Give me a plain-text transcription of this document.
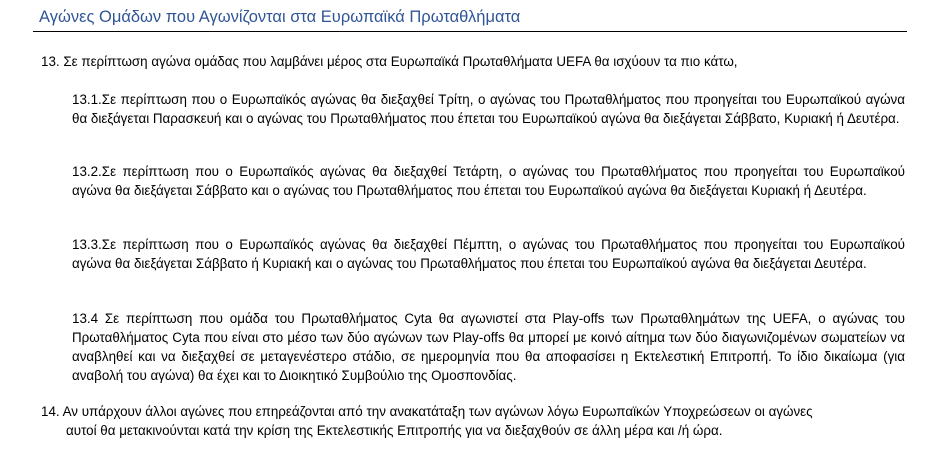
Αγώνες Ομάδων που Αγωνίζονται στα Ευρωπαϊκά Πρωταθλήματα
13. Σε περίπτωση αγώνα ομάδας που λαμβάνει μέρος στα Ευρωπαϊκά Πρωταθλήματα UEFA θα ισχύουν τα πιο κάτω,
13.1.Σε περίπτωση που ο Ευρωπαϊκός αγώνας θα διεξαχθεί Τρίτη, ο αγώνας του Πρωταθλήματος που προηγείται του Ευρωπαϊκού αγώνα θα διεξάγεται Παρασκευή και ο αγώνας του Πρωταθλήματος που έπεται του Ευρωπαϊκού αγώνα θα διεξάγεται Σάββατο, Κυριακή ή Δευτέρα.
13.2.Σε περίπτωση που ο Ευρωπαϊκός αγώνας θα διεξαχθεί Τετάρτη, ο αγώνας του Πρωταθλήματος που προηγείται του Ευρωπαϊκού αγώνα θα διεξάγεται Σάββατο και ο αγώνας του Πρωταθλήματος που έπεται του Ευρωπαϊκού αγώνα θα διεξάγεται Κυριακή ή Δευτέρα.
13.3.Σε περίπτωση που ο Ευρωπαϊκός αγώνας θα διεξαχθεί Πέμπτη, ο αγώνας του Πρωταθλήματος που προηγείται του Ευρωπαϊκού αγώνα θα διεξάγεται Σάββατο ή Κυριακή και ο αγώνας του Πρωταθλήματος που έπεται του Ευρωπαϊκού αγώνα θα διεξάγεται Δευτέρα.
13.4 Σε περίπτωση που ομάδα του Πρωταθλήματος Cyta θα αγωνιστεί στα Play-offs των Πρωταθλημάτων της UEFA, ο αγώνας του Πρωταθλήματος Cyta που είναι στο μέσο των δύο αγώνων των Play-offs θα μπορεί με κοινό αίτημα των δύο διαγωνιζομένων σωματείων να αναβληθεί και να διεξαχθεί σε μεταγενέστερο στάδιο, σε ημερομηνία που θα αποφασίσει η Εκτελεστική Επιτροπή. Το ίδιο δικαίωμα (για αναβολή του αγώνα) θα έχει και το Διοικητικό Συμβούλιο της Ομοσπονδίας.
14. Αν υπάρχουν άλλοι αγώνες που επηρεάζονται από την ανακατάταξη των αγώνων λόγω Ευρωπαϊκών Υποχρεώσεων οι αγώνες
αυτοί θα μετακινούνται κατά την κρίση της Εκτελεστικής Επιτροπής για να διεξαχθούν σε άλλη μέρα και /ή ώρα.
